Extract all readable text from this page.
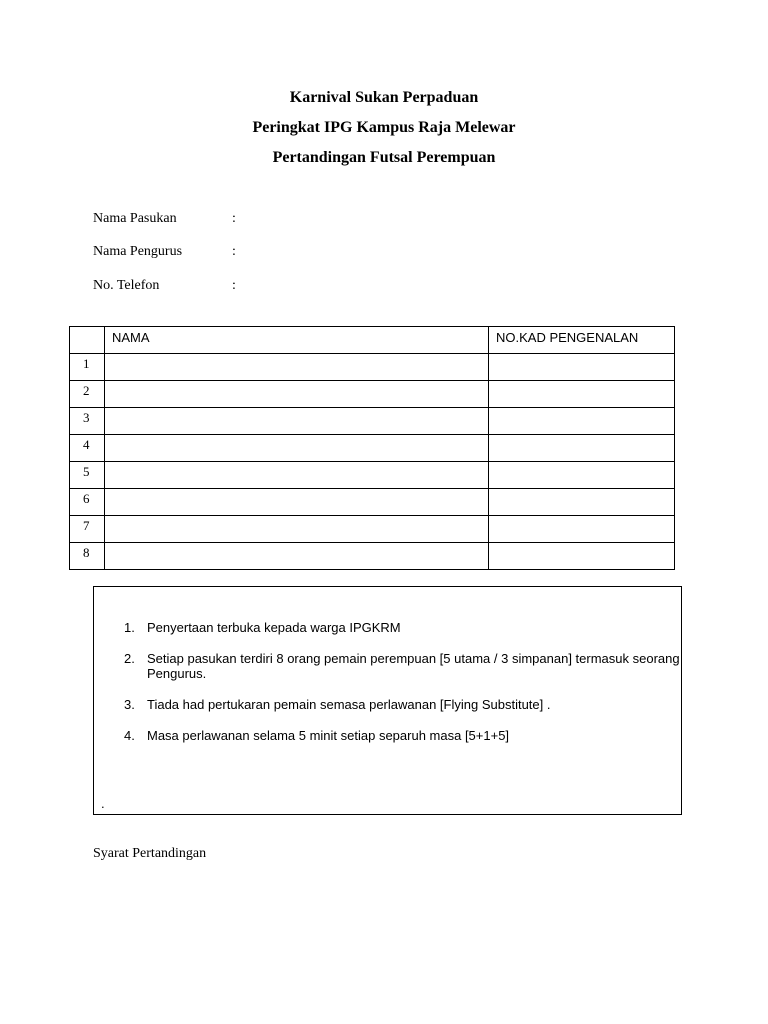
Karnival Sukan Perpaduan
Peringkat IPG Kampus Raja Melewar
Pertandingan Futsal Perempuan
Nama Pasukan	:
Nama Pengurus	:
No. Telefon	:
	NAMA	NO.KAD PENGENALAN
1		
2		
3		
4		
5		
6		
7		
8		
1. Penyertaan terbuka kepada warga IPGKRM
2. Setiap pasukan terdiri 8 orang pemain perempuan [5 utama / 3 simpanan] termasuk seorang Pengurus.
3. Tiada had pertukaran pemain semasa perlawanan [Flying Substitute] .
4. Masa perlawanan selama 5 minit setiap separuh masa [5+1+5]
.
Syarat Pertandingan
